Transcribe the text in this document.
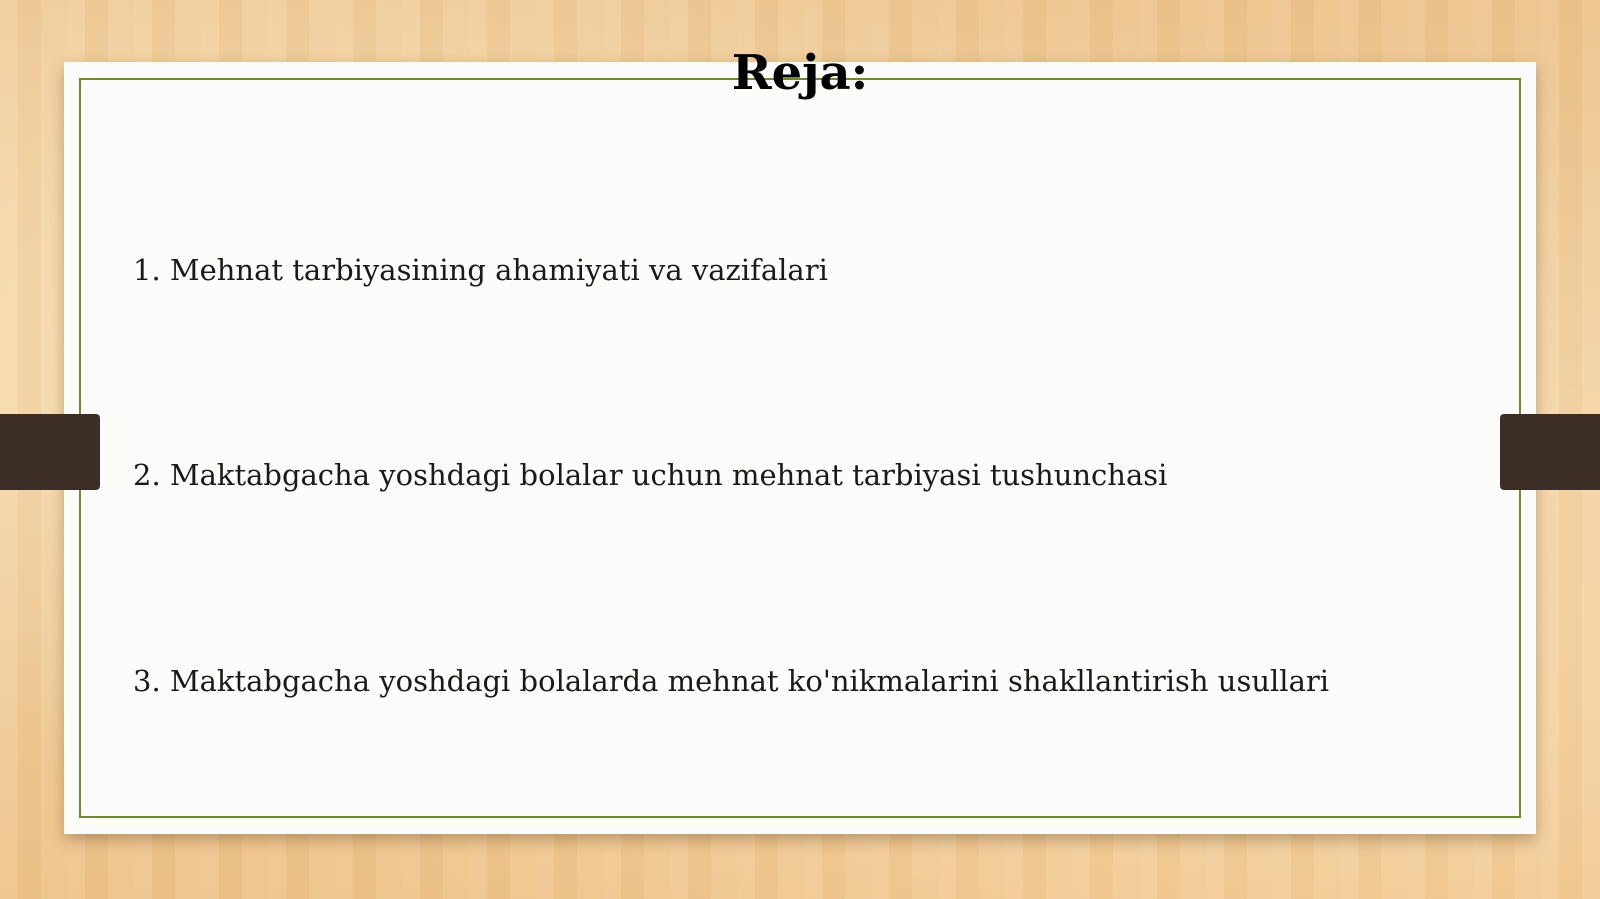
Reja:
1. Mehnat tarbiyasining ahamiyati va vazifalari
2. Maktabgacha yoshdagi bolalar uchun mehnat tarbiyasi tushunchasi
3. Maktabgacha yoshdagi bolalarda mehnat ko'nikmalarini shakllantirish usullari
